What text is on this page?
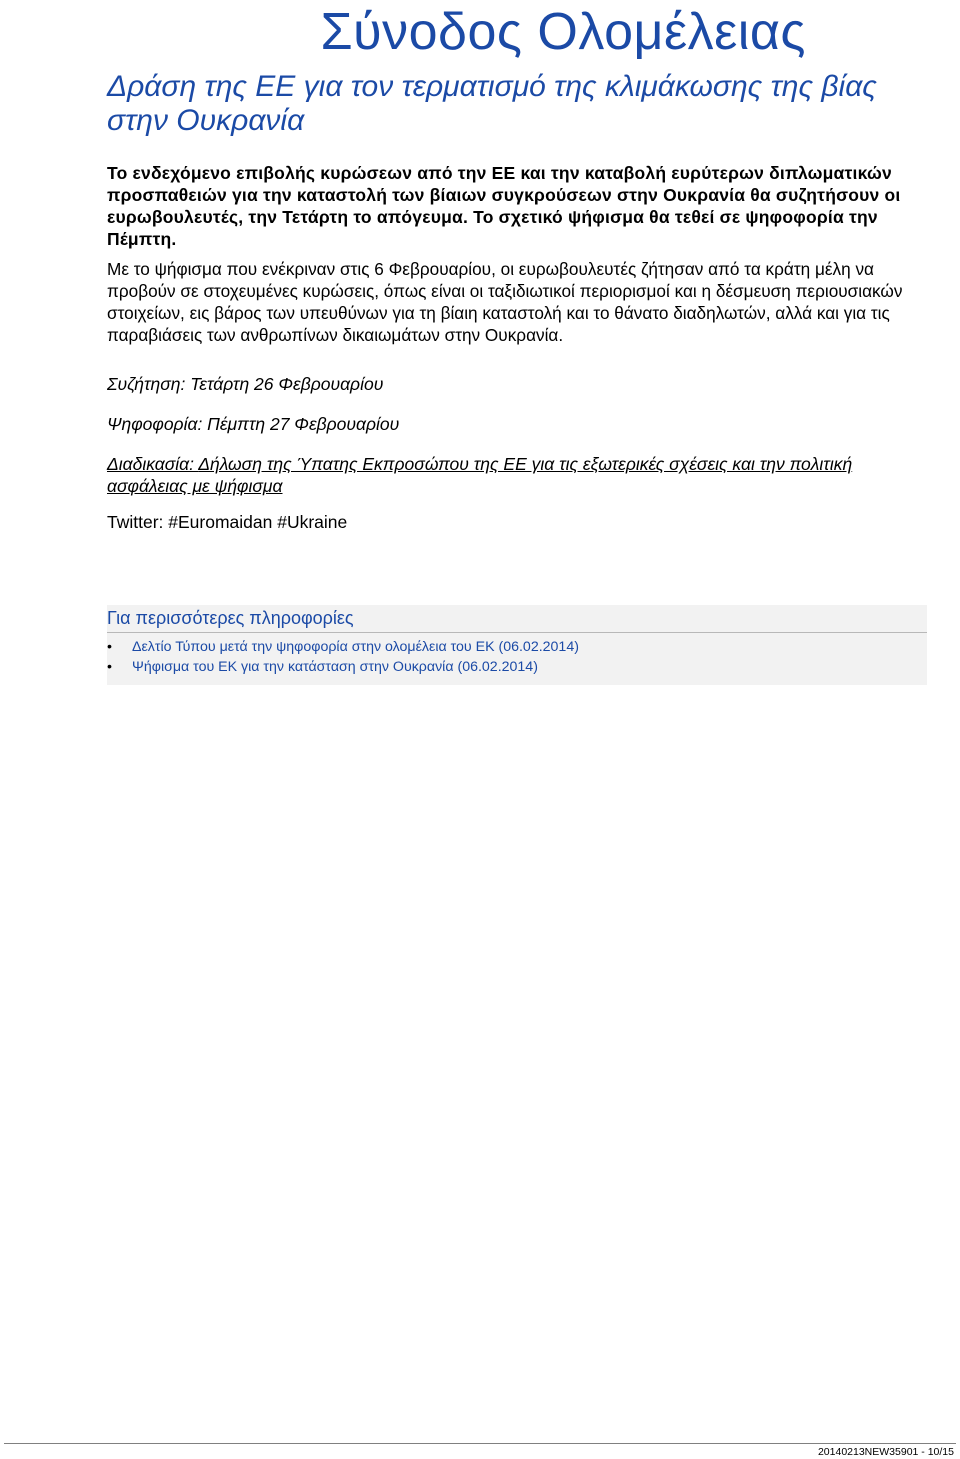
Σύνοδος Ολομέλειας
Δράση της ΕΕ για τον τερματισμό της κλιμάκωσης της βίας στην Ουκρανία

Το ενδεχόμενο επιβολής κυρώσεων από την ΕΕ και την καταβολή ευρύτερων διπλωματικών προσπαθειών για την καταστολή των βίαιων συγκρούσεων στην Ουκρανία θα συζητήσουν οι ευρωβουλευτές, την Τετάρτη το απόγευμα. Το σχετικό ψήφισμα θα τεθεί σε ψηφοφορία την Πέμπτη.

Με το ψήφισμα που ενέκριναν στις 6 Φεβρουαρίου, οι ευρωβουλευτές ζήτησαν από τα κράτη μέλη να προβούν σε στοχευμένες κυρώσεις, όπως είναι οι ταξιδιωτικοί περιορισμοί και η δέσμευση περιουσιακών στοιχείων, εις βάρος των υπευθύνων για τη βίαιη καταστολή και το θάνατο διαδηλωτών, αλλά και για τις παραβιάσεις των ανθρωπίνων δικαιωμάτων στην Ουκρανία.

Συζήτηση: Τετάρτη 26 Φεβρουαρίου

Ψηφοφορία: Πέμπτη 27 Φεβρουαρίου

Διαδικασία: Δήλωση της Ύπατης Εκπροσώπου της ΕΕ για τις εξωτερικές σχέσεις και την πολιτική ασφάλειας με ψήφισμα

Twitter: #Euromaidan #Ukraine

Για περισσότερες πληροφορίες
• Δελτίο Τύπου μετά την ψηφοφορία στην ολομέλεια του ΕΚ (06.02.2014)
• Ψήφισμα του ΕΚ για την κατάσταση στην Ουκρανία (06.02.2014)
20140213NEW35901 - 10/15
